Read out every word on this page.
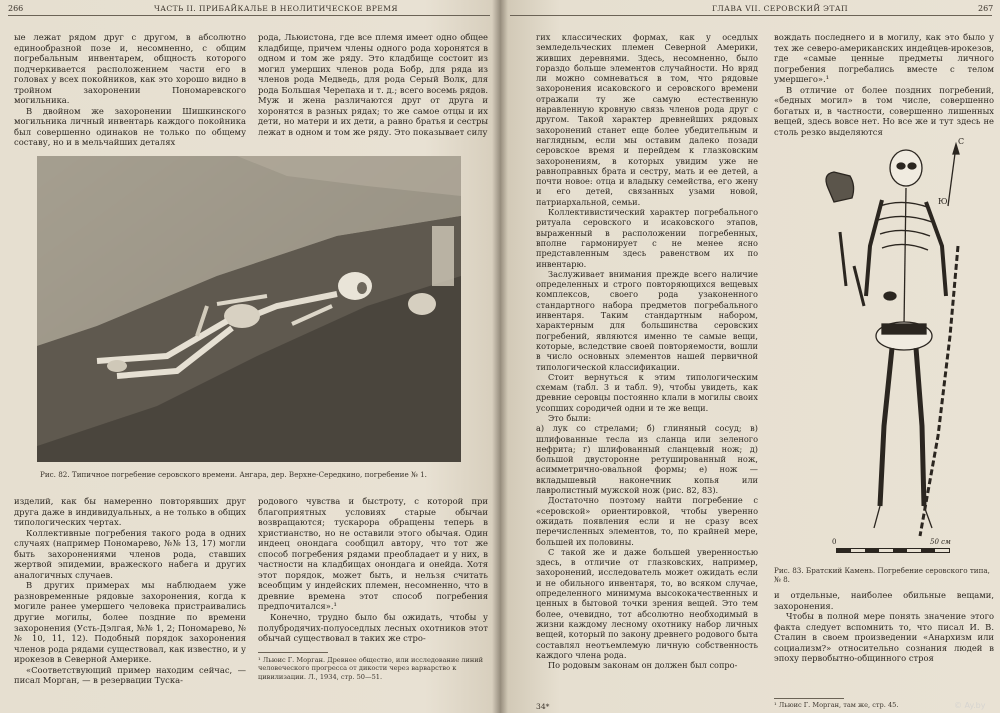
266	ЧАСТЬ II. ПРИБАЙКАЛЬЕ В НЕОЛИТИЧЕСКОЕ ВРЕМЯ

ые лежат рядом друг с другом, в абсолютно единообразной позе и, несомненно, с общим погребальным инвентарем, общность которого подчеркивается расположением части его в головах у всех покойников, как это хорошо видно в тройном захоронении Пономаревского могильника.

В двойном же захоронении Шишкинского могильника личный инвентарь каждого покойника был совершенно одинаков не только по общему составу, но и в мельчайших деталях

рода, Льюистона, где все племя имеет одно общее кладбище, причем члены одного рода хоронятся в одном и том же ряду. Это кладбище состоит из могил умерших членов рода Бобр, для ряда из членов рода Медведь, для рода Серый Волк, для рода Большая Черепаха и т. д.; всего восемь рядов. Муж и жена различаются друг от друга и хоронятся в разных рядах; то же самое отцы и их дети, но матери и их дети, а равно братья и сестры лежат в одном и том же ряду. Это показывает силу

Рис. 82. Типичное погребение серовского времени. Ангара, дер. Верхне-Середкино, погребение № 1.

изделий, как бы намеренно повторявших друг друга даже в индивидуальных, а не только в общих типологических чертах.

Коллективные погребения такого рода в одних случаях (например Пономарево, №№ 13, 17) могли быть захоронениями членов рода, ставших жертвой эпидемии, вражеского набега и других аналогичных случаев.

В других примерах мы наблюдаем уже разновременные рядовые захоронения, когда к могиле ранее умершего человека пристраивались другие могилы, более поздние по времени захоронения (Усть-Дэлгая, №№ 1, 2; Пономарево, №№ 10, 11, 12). Подобный порядок захоронения членов рода рядами существовал, как известно, и у ирокезов в Северной Америке.

«Соответствующий пример находим сейчас, — писал Морган, — в резервации Туска-

родового чувства и быстроту, с которой при благоприятных условиях старые обычаи возвращаются; тускарора обращены теперь в христианство, но не оставили этого обычая. Один индеец онондага сообщил автору, что тот же способ погребения рядами преобладает и у них, в частности на кладбищах онондага и онейда. Хотя этот порядок, может быть, и нельзя считать всеобщим у индейских племен, несомненно, что в древние времена этот способ погребения предпочитался».¹

Конечно, трудно было бы ожидать, чтобы у полубродячих-полуоседлых лесных охотников этот обычай существовал в таких же стро-

¹ Льюис Г. Морган. Древнее общество, или исследование линий человеческого прогресса от дикости через варварство к цивилизации. Л., 1934, стр. 50—51.
ГЛАВА VII. СЕРОВСКИЙ ЭТАП	267

гих классических формах, как у оседлых земледельческих племен Северной Америки, живших деревнями. Здесь, несомненно, было гораздо больше элементов случайности. Но вряд ли можно сомневаться в том, что рядовые захоронения исаковского и серовского времени отражали ту же самую естественную наравленную кровную связь членов рода друг с другом. Такой характер древнейших рядовых захоронений станет еще более убедительным и наглядным, если мы оставим далеко позади серовское время и перейдем к глазковским захоронениям, в которых увидим уже не равноправных брата и сестру, мать и ее детей, а почти новое: отца и владыку семейства, его жену и его детей, связанных узами новой, патриархальной, семьи.

Коллективистический характер погребального ритуала серовского и исаковского этапов, выраженный в расположении погребенных, вполне гармонирует с не менее ясно представленным здесь равенством их по инвентарю.

Заслуживает внимания прежде всего наличие определенных и строго повторяющихся вещевых комплексов, своего рода узаконенного стандартного набора предметов погребального инвентаря. Таким стандартным набором, характерным для большинства серовских погребений, являются именно те самые вещи, которые, вследствие своей повторяемости, вошли в число основных элементов нашей первичной типологической классификации.

Стоит вернуться к этим типологическим схемам (табл. 3 и табл. 9), чтобы увидеть, как древние серовцы постоянно клали в могилы своих усопших сородичей одни и те же вещи.

Это были:

а) лук со стрелами; б) глиняный сосуд; в) шлифованные тесла из сланца или зеленого нефрита; г) шлифованный сланцевый нож; д) большой двусторонне ретушированный нож, асимметрично-овальной формы; е) нож — вкладышевый наконечник копья или лавролистный мужской нож (рис. 82, 83).

Достаточно поэтому найти погребение с «серовской» ориентировкой, чтобы уверенно ожидать появления если и не сразу всех перечисленных элементов, то, по крайней мере, большей их половины.

С такой же и даже большей уверенностью здесь, в отличие от глазковских, например, захоронений, исследователь может ожидать если и не обильного инвентаря, то, во всяком случае, определенного минимума высококачественных и ценных в бытовой точки зрения вещей. Это тем более, очевидно, тот абсолютно необходимый в жизни каждому лесному охотнику набор личных вещей, который по закону древнего родового быта составлял неотъемлемую личную собственность каждого члена рода.

По родовым законам он должен был сопро-

вождать последнего и в могилу, как это было у тех же северо-американских индейцев-ирокезов, где «самые ценные предметы личного погребения погребались вместе с телом умершего».¹

В отличие от более поздних погребений, «бедных могил» в том числе, совершенно богатых и, в частности, совершенно лишенных вещей, здесь вовсе нет. Но все же и тут здесь не столь резко выделяются

С
Ю
0	50 см
Рис. 83. Братский Камень. Погребение серовского типа, № 8.

и отдельные, наиболее обильные вещами, захоронения.

Чтобы в полной мере понять значение этого факта следует вспомнить то, что писал И. В. Сталин в своем произведении «Анархизм или социализм?» относительно сознания людей в эпоху первобытно-общинного строя

¹ Льюис Г. Морган, там же, стр. 45.	© Ay.by
34*
